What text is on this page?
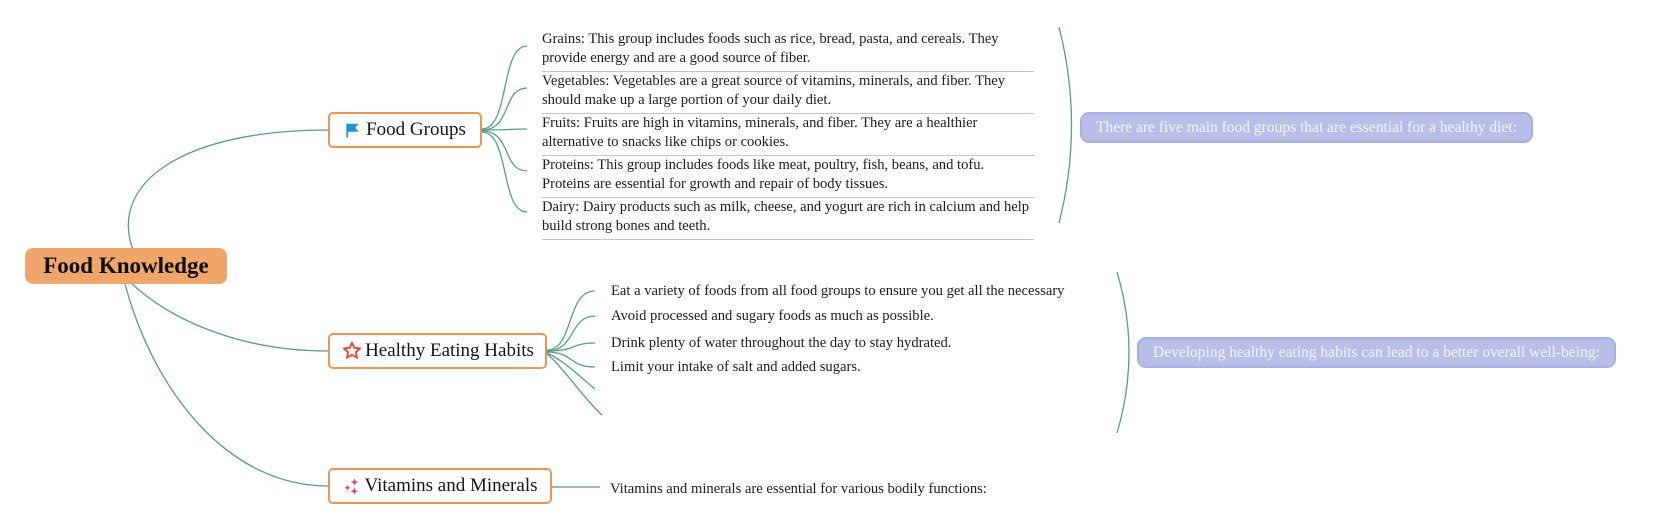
Food Knowledge
Food Groups
Grains: This group includes foods such as rice, bread, pasta, and cereals. They provide energy and are a good source of fiber.
Vegetables: Vegetables are a great source of vitamins, minerals, and fiber. They should make up a large portion of your daily diet.
Fruits: Fruits are high in vitamins, minerals, and fiber. They are a healthier alternative to snacks like chips or cookies.
Proteins: This group includes foods like meat, poultry, fish, beans, and tofu. Proteins are essential for growth and repair of body tissues.
Dairy: Dairy products such as milk, cheese, and yogurt are rich in calcium and help build strong bones and teeth.
There are five main food groups that are essential for a healthy diet:
Healthy Eating Habits
Eat a variety of foods from all food groups to ensure you get all the necessary
Avoid processed and sugary foods as much as possible.
Drink plenty of water throughout the day to stay hydrated.
Limit your intake of salt and added sugars.
Developing healthy eating habits can lead to a better overall well-being:
Vitamins and Minerals	Vitamins and minerals are essential for various bodily functions:
